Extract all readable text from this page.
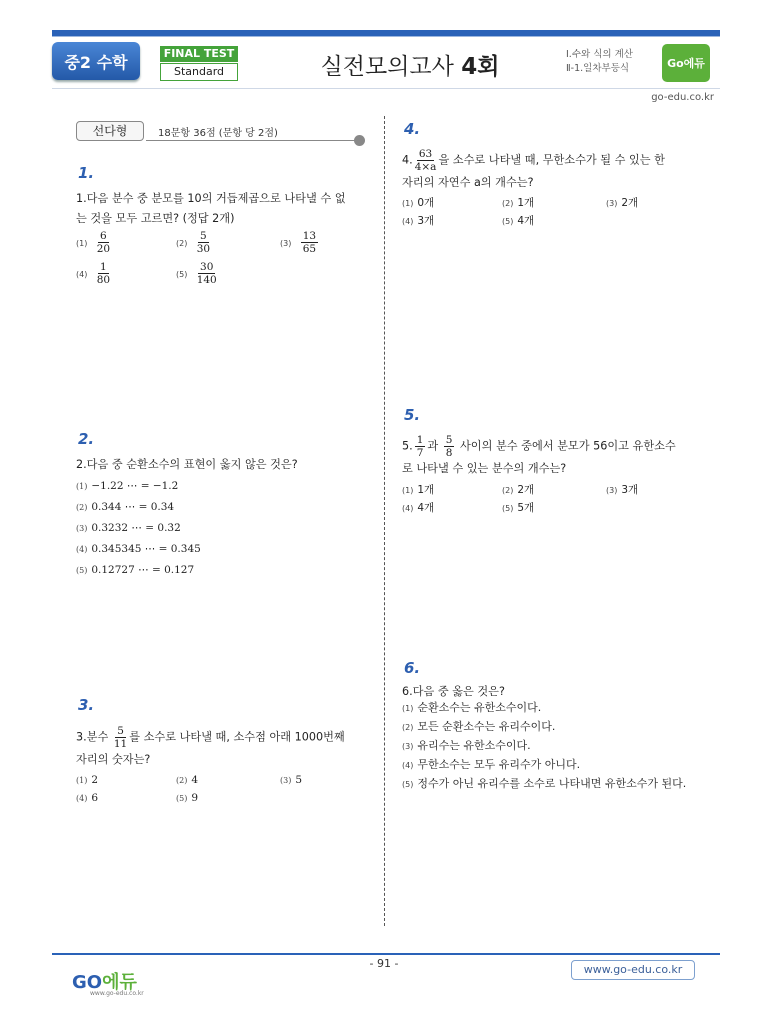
중2 수학	FINAL TEST
Standard	실전모의고사 4회	Ⅰ.수와 식의 계산
Ⅱ-1.일차부등식	Go에듀
go-edu.co.kr
선다형	18문항 36점 (문항 당 2점)
1.
1.다음 분수 중 분모를 10의 거듭제곱으로 나타낼 수 없
는 것을 모두 고르면? (정답 2개)
$(1) \frac{6}{20}$	$(2) \frac{5}{30}$	$(3) \frac{13}{65}$
$(4) \frac{1}{80}$	$(5) \frac{30}{140}$
2.
2.다음 중 순환소수의 표현이 옳지 않은 것은?
(1) −1.22 ⋯ = −1.2̇
(2) 0.344 ⋯ = 0.34̇
(3) 0.3232 ⋯ = 0.3̇2̇
(4) 0.345345 ⋯ = 0.3̇45̇
(5) 0.12727 ⋯ = 0.12̇7̇
3.
3.분수 $\frac{5}{11}$ 를 소수로 나타낼 때, 소수점 아래 1000번째
자리의 숫자는?
(1) 2	(2) 4	(3) 5
(4) 6	(5) 9
4.
4. $\frac{63}{4\times a}$ 을 소수로 나타낼 때, 무한소수가 될 수 있는 한
자리의 자연수 a의 개수는?
(1) 0개	(2) 1개	(3) 2개
(4) 3개	(5) 4개
5.
5. $\frac{1}{7}$ 과 $\frac{5}{8}$ 사이의 분수 중에서 분모가 56이고 유한소수
로 나타낼 수 있는 분수의 개수는?
(1) 1개	(2) 2개	(3) 3개
(4) 4개	(5) 5개
6.
6.다음 중 옳은 것은?
(1) 순환소수는 유한소수이다.
(2) 모든 순환소수는 유리수이다.
(3) 유리수는 유한소수이다.
(4) 무한소수는 모두 유리수가 아니다.
(5) 정수가 아닌 유리수를 소수로 나타내면 유한소수가 된다.
- 91 -
GO에듀
www.go-edu.co.kr
www.go-edu.co.kr
